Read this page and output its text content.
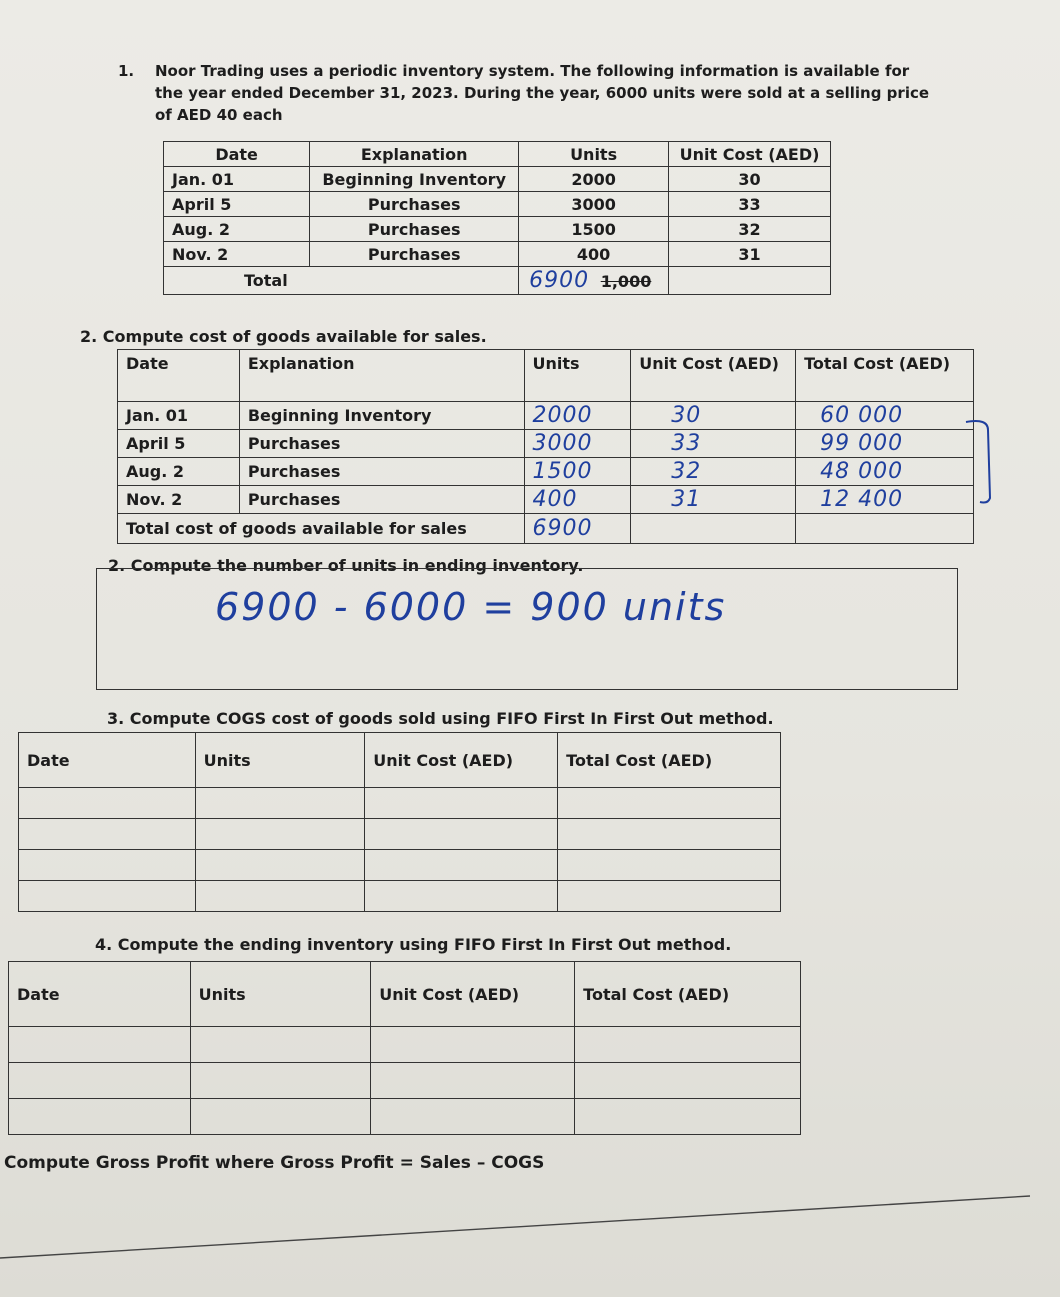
1. Noor Trading uses a periodic inventory system. The following information is available for
the year ended December 31, 2023. During the year, 6000 units were sold at a selling price
of AED 40 each
Date	Explanation	Units	Unit Cost (AED)
Jan. 01	Beginning Inventory	2000	30
April 5	Purchases	3000	33
Aug. 2	Purchases	1500	32
Nov. 2	Purchases	400	31
Total		6900 1,000	
2. Compute cost of goods available for sales.
Date	Explanation	Units	Unit Cost (AED)	Total Cost (AED)
Jan. 01	Beginning Inventory	2000	30	60 000
April 5	Purchases	3000	33	99 000
Aug. 2	Purchases	1500	32	48 000
Nov. 2	Purchases	400	31	12 400
Total cost of goods available for sales		6900		
2. Compute the number of units in ending inventory.
6900 - 6000 = 900 units
3. Compute COGS cost of goods sold using FIFO First In First Out method.
Date	Units	Unit Cost (AED)	Total Cost (AED)

4. Compute the ending inventory using FIFO First In First Out method.
Date	Units	Unit Cost (AED)	Total Cost (AED)

Compute Gross Profit where Gross Profit = Sales – COGS
